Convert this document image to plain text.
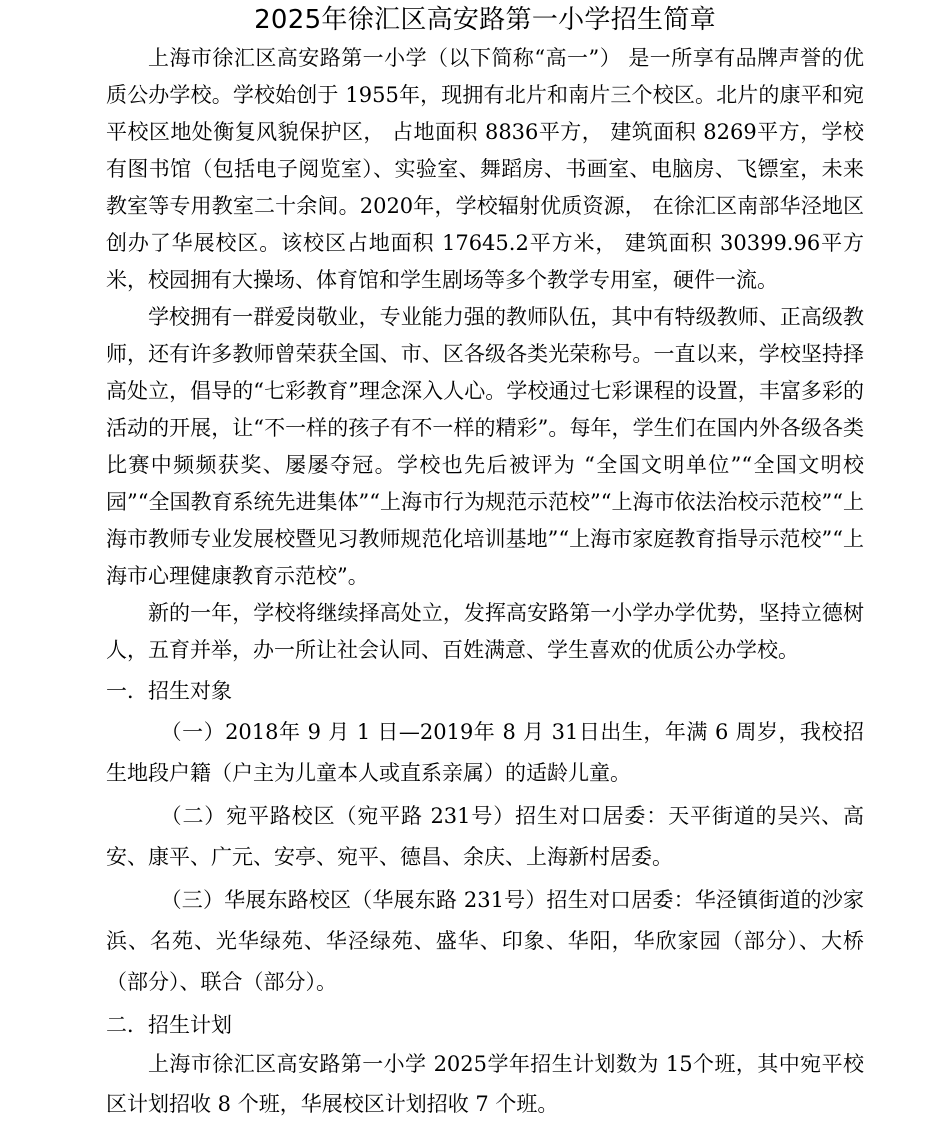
2025年徐汇区高安路第一小学招生简章

上海市徐汇区高安路第一小学（以下简称“高一”） 是一所享有品牌声誉的优质公办学校。学校始创于 1955年，现拥有北片和南片三个校区。北片的康平和宛平校区地处衡复风貌保护区， 占地面积 8836平方， 建筑面积 8269平方，学校有图书馆（包括电子阅览室）、实验室、舞蹈房、书画室、电脑房、飞镖室，未来教室等专用教室二十余间。2020年，学校辐射优质资源， 在徐汇区南部华泾地区创办了华展校区。该校区占地面积 17645.2平方米， 建筑面积 30399.96平方米，校园拥有大操场、体育馆和学生剧场等多个教学专用室，硬件一流。

学校拥有一群爱岗敬业，专业能力强的教师队伍，其中有特级教师、正高级教师，还有许多教师曾荣获全国、市、区各级各类光荣称号。一直以来，学校坚持择高处立，倡导的“七彩教育”理念深入人心。学校通过七彩课程的设置，丰富多彩的活动的开展，让“不一样的孩子有不一样的精彩”。每年，学生们在国内外各级各类比赛中频频获奖、屡屡夺冠。学校也先后被评为 “全国文明单位”“全国文明校园”“全国教育系统先进集体”“上海市行为规范示范校”“上海市依法治校示范校”“上海市教师专业发展校暨见习教师规范化培训基地”“上海市家庭教育指导示范校”“上海市心理健康教育示范校”。

新的一年，学校将继续择高处立，发挥高安路第一小学办学优势，坚持立德树人，五育并举，办一所让社会认同、百姓满意、学生喜欢的优质公办学校。

一．招生对象

（一）2018年 9 月 1 日—2019年 8 月 31日出生，年满 6 周岁，我校招生地段户籍（户主为儿童本人或直系亲属）的适龄儿童。

（二）宛平路校区（宛平路 231号）招生对口居委：天平街道的吴兴、高安、康平、广元、安亭、宛平、德昌、余庆、上海新村居委。

（三）华展东路校区（华展东路 231号）招生对口居委：华泾镇街道的沙家浜、名苑、光华绿苑、华泾绿苑、盛华、印象、华阳，华欣家园（部分）、大桥（部分）、联合（部分）。

二．招生计划

上海市徐汇区高安路第一小学 2025学年招生计划数为 15个班，其中宛平校区计划招收 8 个班，华展校区计划招收 7 个班。
